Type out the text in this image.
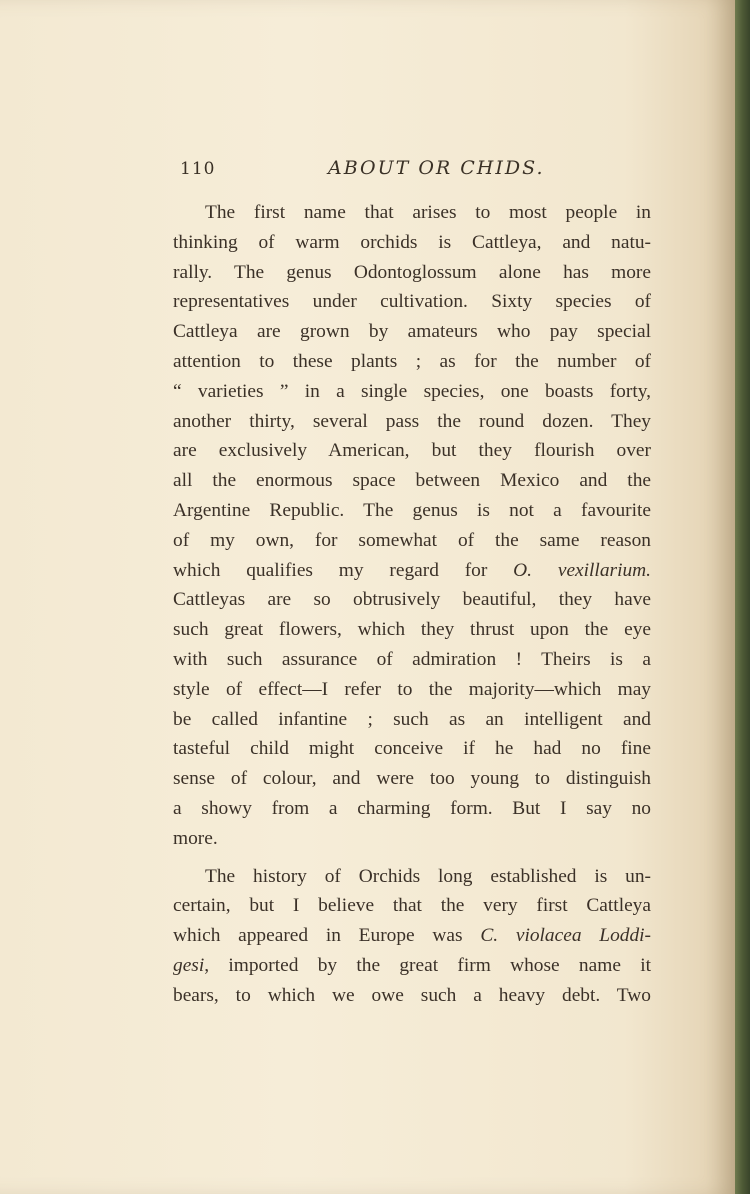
110	ABOUT OR CHIDS.
The first name that arises to most people in
thinking of warm orchids is Cattleya, and natu-
rally. The genus Odontoglossum alone has more
representatives under cultivation. Sixty species of
Cattleya are grown by amateurs who pay special
attention to these plants ; as for the number of
“ varieties ” in a single species, one boasts forty,
another thirty, several pass the round dozen. They
are exclusively American, but they flourish over
all the enormous space between Mexico and the
Argentine Republic. The genus is not a favourite
of my own, for somewhat of the same reason
which qualifies my regard for O. vexillarium.
Cattleyas are so obtrusively beautiful, they have
such great flowers, which they thrust upon the eye
with such assurance of admiration ! Theirs is a
style of effect—I refer to the majority—which may
be called infantine ; such as an intelligent and
tasteful child might conceive if he had no fine
sense of colour, and were too young to distinguish
a showy from a charming form. But I say no
more.
The history of Orchids long established is un-
certain, but I believe that the very first Cattleya
which appeared in Europe was C. violacea Loddi-
gesi, imported by the great firm whose name it
bears, to which we owe such a heavy debt. Two
